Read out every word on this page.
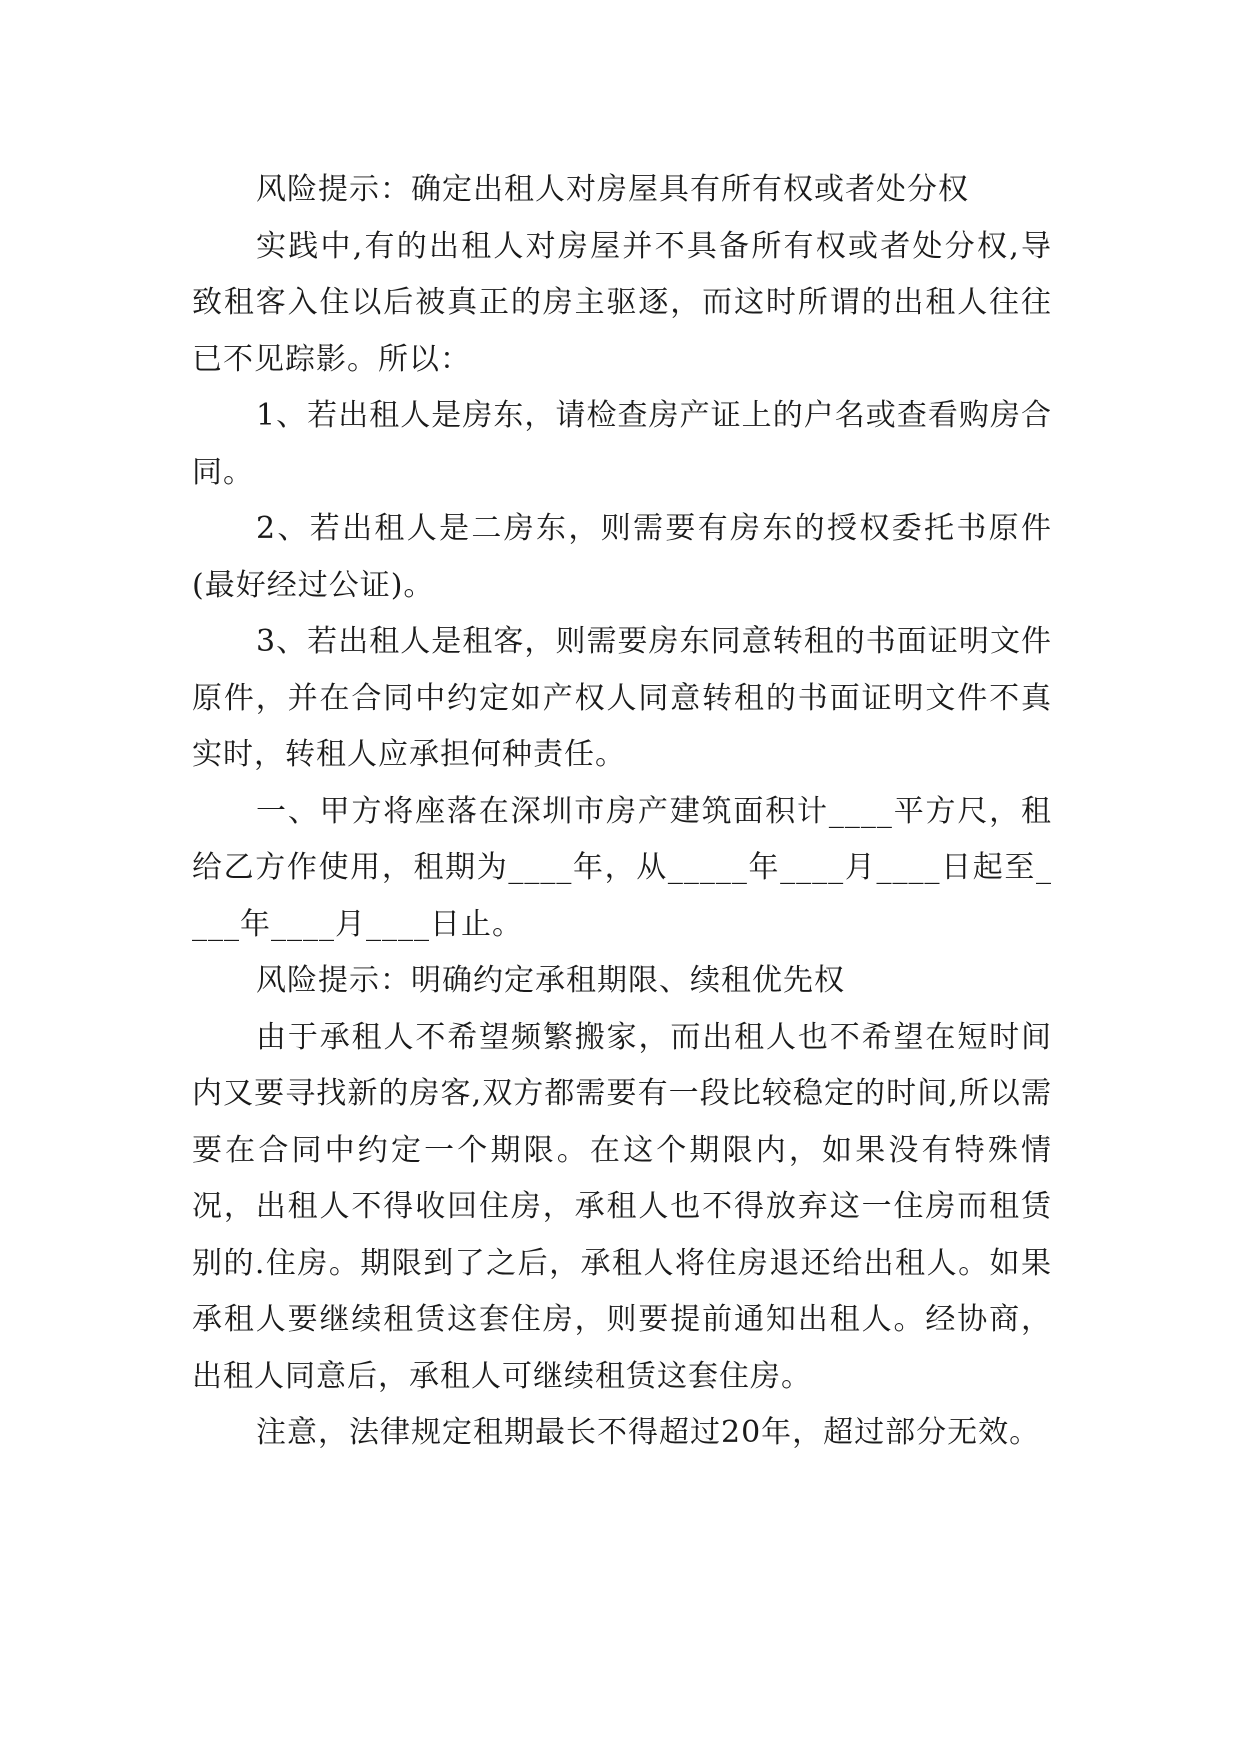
风险提示：确定出租人对房屋具有所有权或者处分权

实践中,有的出租人对房屋并不具备所有权或者处分权,导致租客入住以后被真正的房主驱逐，而这时所谓的出租人往往已不见踪影。所以：

1、若出租人是房东，请检查房产证上的户名或查看购房合同。

2、若出租人是二房东，则需要有房东的授权委托书原件(最好经过公证)。

3、若出租人是租客，则需要房东同意转租的书面证明文件原件，并在合同中约定如产权人同意转租的书面证明文件不真实时，转租人应承担何种责任。

一、甲方将座落在深圳市房产建筑面积计____平方尺，租给乙方作使用，租期为____年，从_____年____月____日起至____年____月____日止。

风险提示：明确约定承租期限、续租优先权

由于承租人不希望频繁搬家，而出租人也不希望在短时间内又要寻找新的房客,双方都需要有一段比较稳定的时间,所以需要在合同中约定一个期限。在这个期限内，如果没有特殊情况，出租人不得收回住房，承租人也不得放弃这一住房而租赁别的.住房。期限到了之后，承租人将住房退还给出租人。如果承租人要继续租赁这套住房，则要提前通知出租人。经协商，出租人同意后，承租人可继续租赁这套住房。

注意，法律规定租期最长不得超过20年，超过部分无效。
